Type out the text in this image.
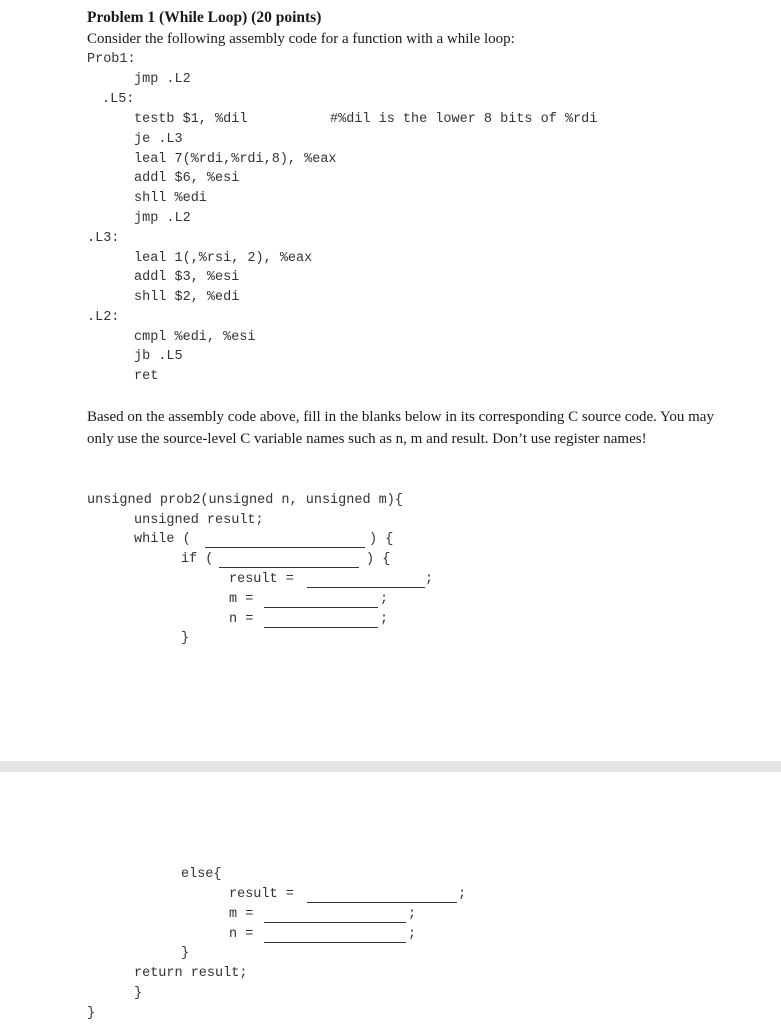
Problem 1 (While Loop) (20 points)
Consider the following assembly code for a function with a while loop:
Prob1:
jmp .L2
.L5:
testb $1, %dil	#%dil is the lower 8 bits of %rdi
je .L3
leal 7(%rdi,%rdi,8), %eax
addl $6, %esi
shll %edi
jmp .L2
.L3:
leal 1(,%rsi, 2), %eax
addl $3, %esi
shll $2, %edi
.L2:
cmpl %edi, %esi
jb .L5
ret
Based on the assembly code above, fill in the blanks below in its corresponding C source code. You may only use the source-level C variable names such as n, m and result. Don’t use register names!
unsigned prob2(unsigned n, unsigned m){
unsigned result;
while (	) {
if (	) {
result =	;
m =	;
n =	;
}
else{
result =	;
m =	;
n =	;
}
return result;
}
}
